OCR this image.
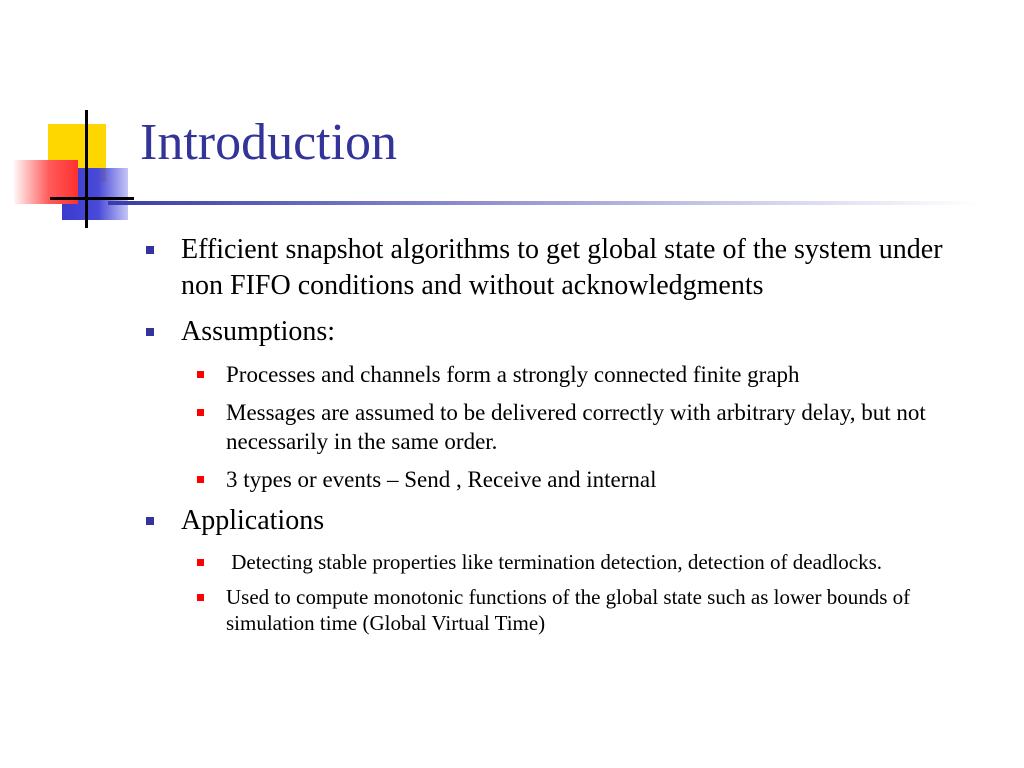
Introduction
Efficient snapshot algorithms to get global state of the system under non FIFO conditions and without acknowledgments
Assumptions:
Processes and channels form a strongly connected finite graph
Messages are assumed to be delivered correctly with arbitrary delay, but not necessarily in the same order.
3 types or events – Send , Receive and internal
Applications
Detecting stable properties like termination detection, detection of deadlocks.
Used to compute monotonic functions of the global state such as lower bounds of simulation time (Global Virtual Time)
